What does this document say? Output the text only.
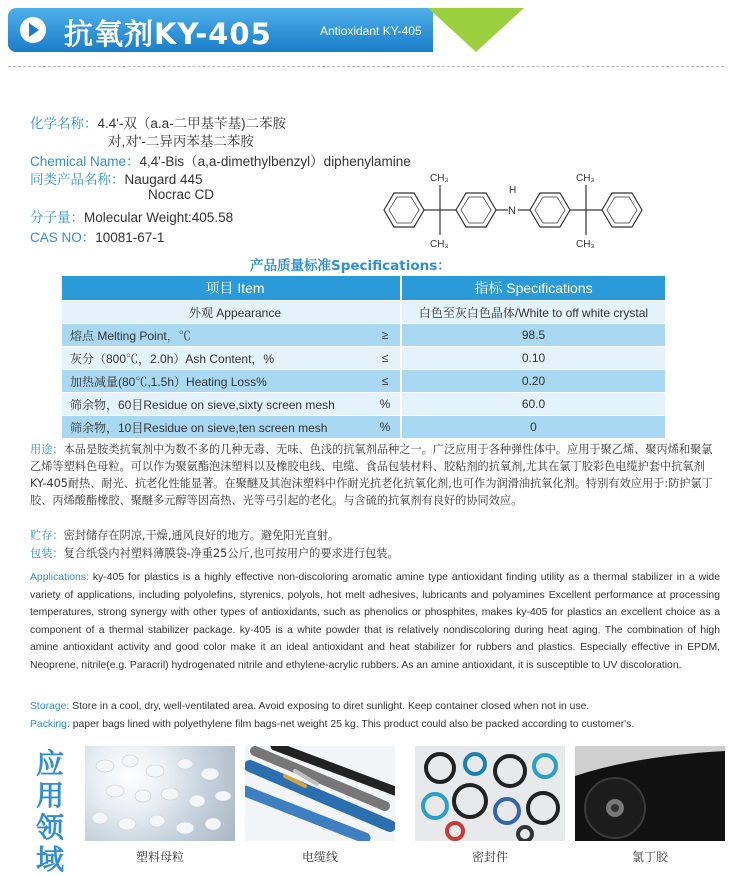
抗氧剂KY-405	Antioxidant KY-405
化学名称：4.4'-双（a.a-二甲基苄基)二苯胺
对,对'-二异丙苯基二苯胺
Chemical Name：4,4'-Bis（a,a-dimethylbenzyl）diphenylamine
同类产品名称：Naugard 445
Nocrac CD
分子量：Molecular Weight:405.58
CAS NO：10081-67-1
CH₃
CH₃
H
N
CH₃
CH₃
产品质量标准Specifications：
项目 Item		指标 Specifications
外观 Appearance		白色至灰白色晶体/White to off white crystal
熔点 Melting Point，℃	≥	98.5
灰分（800℃，2.0h）Ash Content，%	≤	0.10
加热减量(80℃,1.5h）Heating Loss%	≤	0.20
筛余物，60目Residue on sieve,sixty screen mesh	%	60.0
筛余物，10目Residue on sieve,ten screen mesh	%	0
用途：本品是胺类抗氧剂中为数不多的几种无毒、无味、色浅的抗氧剂品种之一。广泛应用于各种弹性体中。应用于聚乙烯、聚丙烯和聚氯乙烯等塑料色母粒。可以作为聚氨酯泡沫塑料以及橡胶电线、电缆、食品包装材料、胶粘剂的抗氧剂,尤其在氯丁胶彩色电缆护套中抗氧剂KY-405耐热、耐光、抗老化性能显著。在聚醚及其泡沫塑料中作耐光抗老化抗氧化剂,也可作为润滑油抗氧化剂。特别有效应用于:防护氯丁胶、丙烯酸酯橡胶、聚醚多元醇等因高热、光等弓引起的老化。与含硫的抗氧剂有良好的协同效应。
贮存：密封储存在阴凉,干燥,通风良好的地方。避免阳光直射。
包装：复合纸袋内衬塑料薄膜袋-净重25公斤,也可按用户的要求进行包装。
Applications: ky-405 for plastics is a highly effective non-discoloring aromatic amine type antioxidant finding utility as a thermal stabilizer in a wide variety of applications, including polyolefins, styrenics, polyols, hot melt adhesives, lubricants and polyamines Excellent performance at processing temperatures, strong synergy with other types of antioxidants, such as phenolics or phosphites, makes ky-405 for plastics an excellent choice as a component of a thermal stabilizer package. ky-405 is a white powder that is relatively nondiscoloring during heat aging. The combination of high amine antioxidant activity and good color make it an ideal antioxidant and heat stabilizer for rubbers and plastics. Especially effective in EPDM, Neoprene, nitrile(e.g. Paracril) hydrogenated nitrile and ethylene-acrylic rubbers. As an amine antioxidant, it is susceptible to UV discoloration.
Storage: Store in a cool, dry, well-ventilated area. Avoid exposing to diret sunlight. Keep container closed when not in use.
Packing: paper bags lined with polyethylene film bags-net weight 25 kg. This product could also be packed according to customer's.
应
用
领
域	塑料母粒	电缆线	密封件	氯丁胶
